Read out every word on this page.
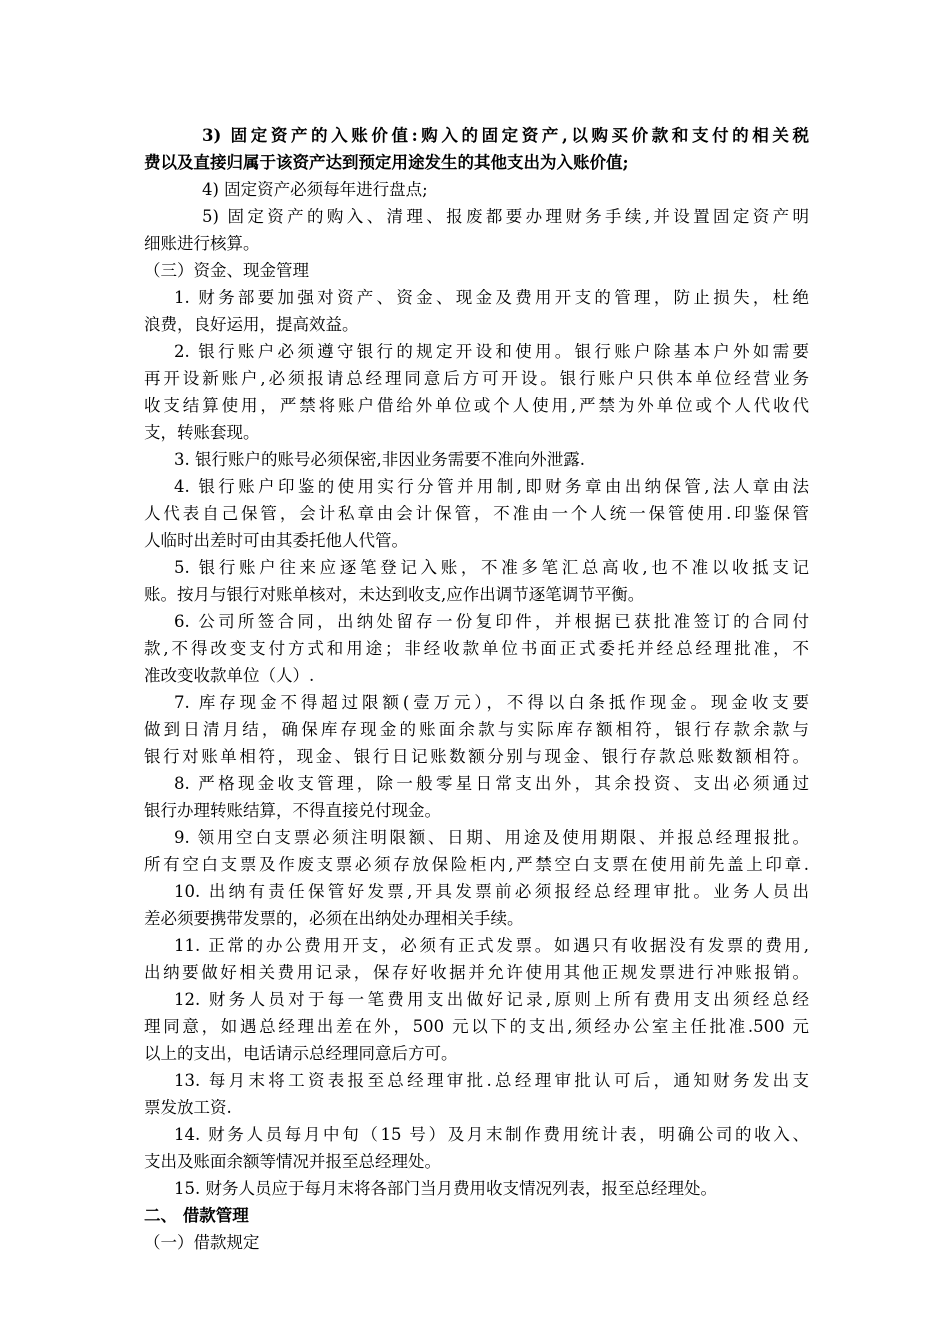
3) 固定资产的入账价值:购入的固定资产,以购买价款和支付的相关税
费以及直接归属于该资产达到预定用途发生的其他支出为入账价值;
4) 固定资产必须每年进行盘点;
5) 固定资产的购入、清理、报废都要办理财务手续,并设置固定资产明
细账进行核算。
（三）资金、现金管理
1. 财务部要加强对资产、资金、现金及费用开支的管理，防止损失，杜绝
浪费，良好运用，提高效益。
2. 银行账户必须遵守银行的规定开设和使用。银行账户除基本户外如需要
再开设新账户,必须报请总经理同意后方可开设。银行账户只供本单位经营业务
收支结算使用，严禁将账户借给外单位或个人使用,严禁为外单位或个人代收代
支，转账套现。
3. 银行账户的账号必须保密,非因业务需要不准向外泄露.
4. 银行账户印鉴的使用实行分管并用制,即财务章由出纳保管,法人章由法
人代表自己保管，会计私章由会计保管，不准由一个人统一保管使用.印鉴保管
人临时出差时可由其委托他人代管。
5. 银行账户往来应逐笔登记入账，不准多笔汇总高收,也不准以收抵支记
账。按月与银行对账单核对，未达到收支,应作出调节逐笔调节平衡。
6. 公司所签合同，出纳处留存一份复印件，并根据已获批准签订的合同付
款,不得改变支付方式和用途；非经收款单位书面正式委托并经总经理批准，不
准改变收款单位（人）.
7. 库存现金不得超过限额(壹万元），不得以白条抵作现金。现金收支要
做到日清月结，确保库存现金的账面余款与实际库存额相符，银行存款余款与
银行对账单相符，现金、银行日记账数额分别与现金、银行存款总账数额相符。
8. 严格现金收支管理，除一般零星日常支出外，其余投资、支出必须通过
银行办理转账结算，不得直接兑付现金。
9. 领用空白支票必须注明限额、日期、用途及使用期限、并报总经理报批。
所有空白支票及作废支票必须存放保险柜内,严禁空白支票在使用前先盖上印章.
10. 出纳有责任保管好发票,开具发票前必须报经总经理审批。业务人员出
差必须要携带发票的，必须在出纳处办理相关手续。
11. 正常的办公费用开支，必须有正式发票。如遇只有收据没有发票的费用,
出纳要做好相关费用记录，保存好收据并允许使用其他正规发票进行冲账报销。
12. 财务人员对于每一笔费用支出做好记录,原则上所有费用支出须经总经
理同意，如遇总经理出差在外，500 元以下的支出,须经办公室主任批准.500 元
以上的支出，电话请示总经理同意后方可。
13. 每月末将工资表报至总经理审批.总经理审批认可后，通知财务发出支
票发放工资.
14. 财务人员每月中旬（15 号）及月末制作费用统计表，明确公司的收入、
支出及账面余额等情况并报至总经理处。
15. 财务人员应于每月末将各部门当月费用收支情况列表，报至总经理处。
二、 借款管理
（一）借款规定
